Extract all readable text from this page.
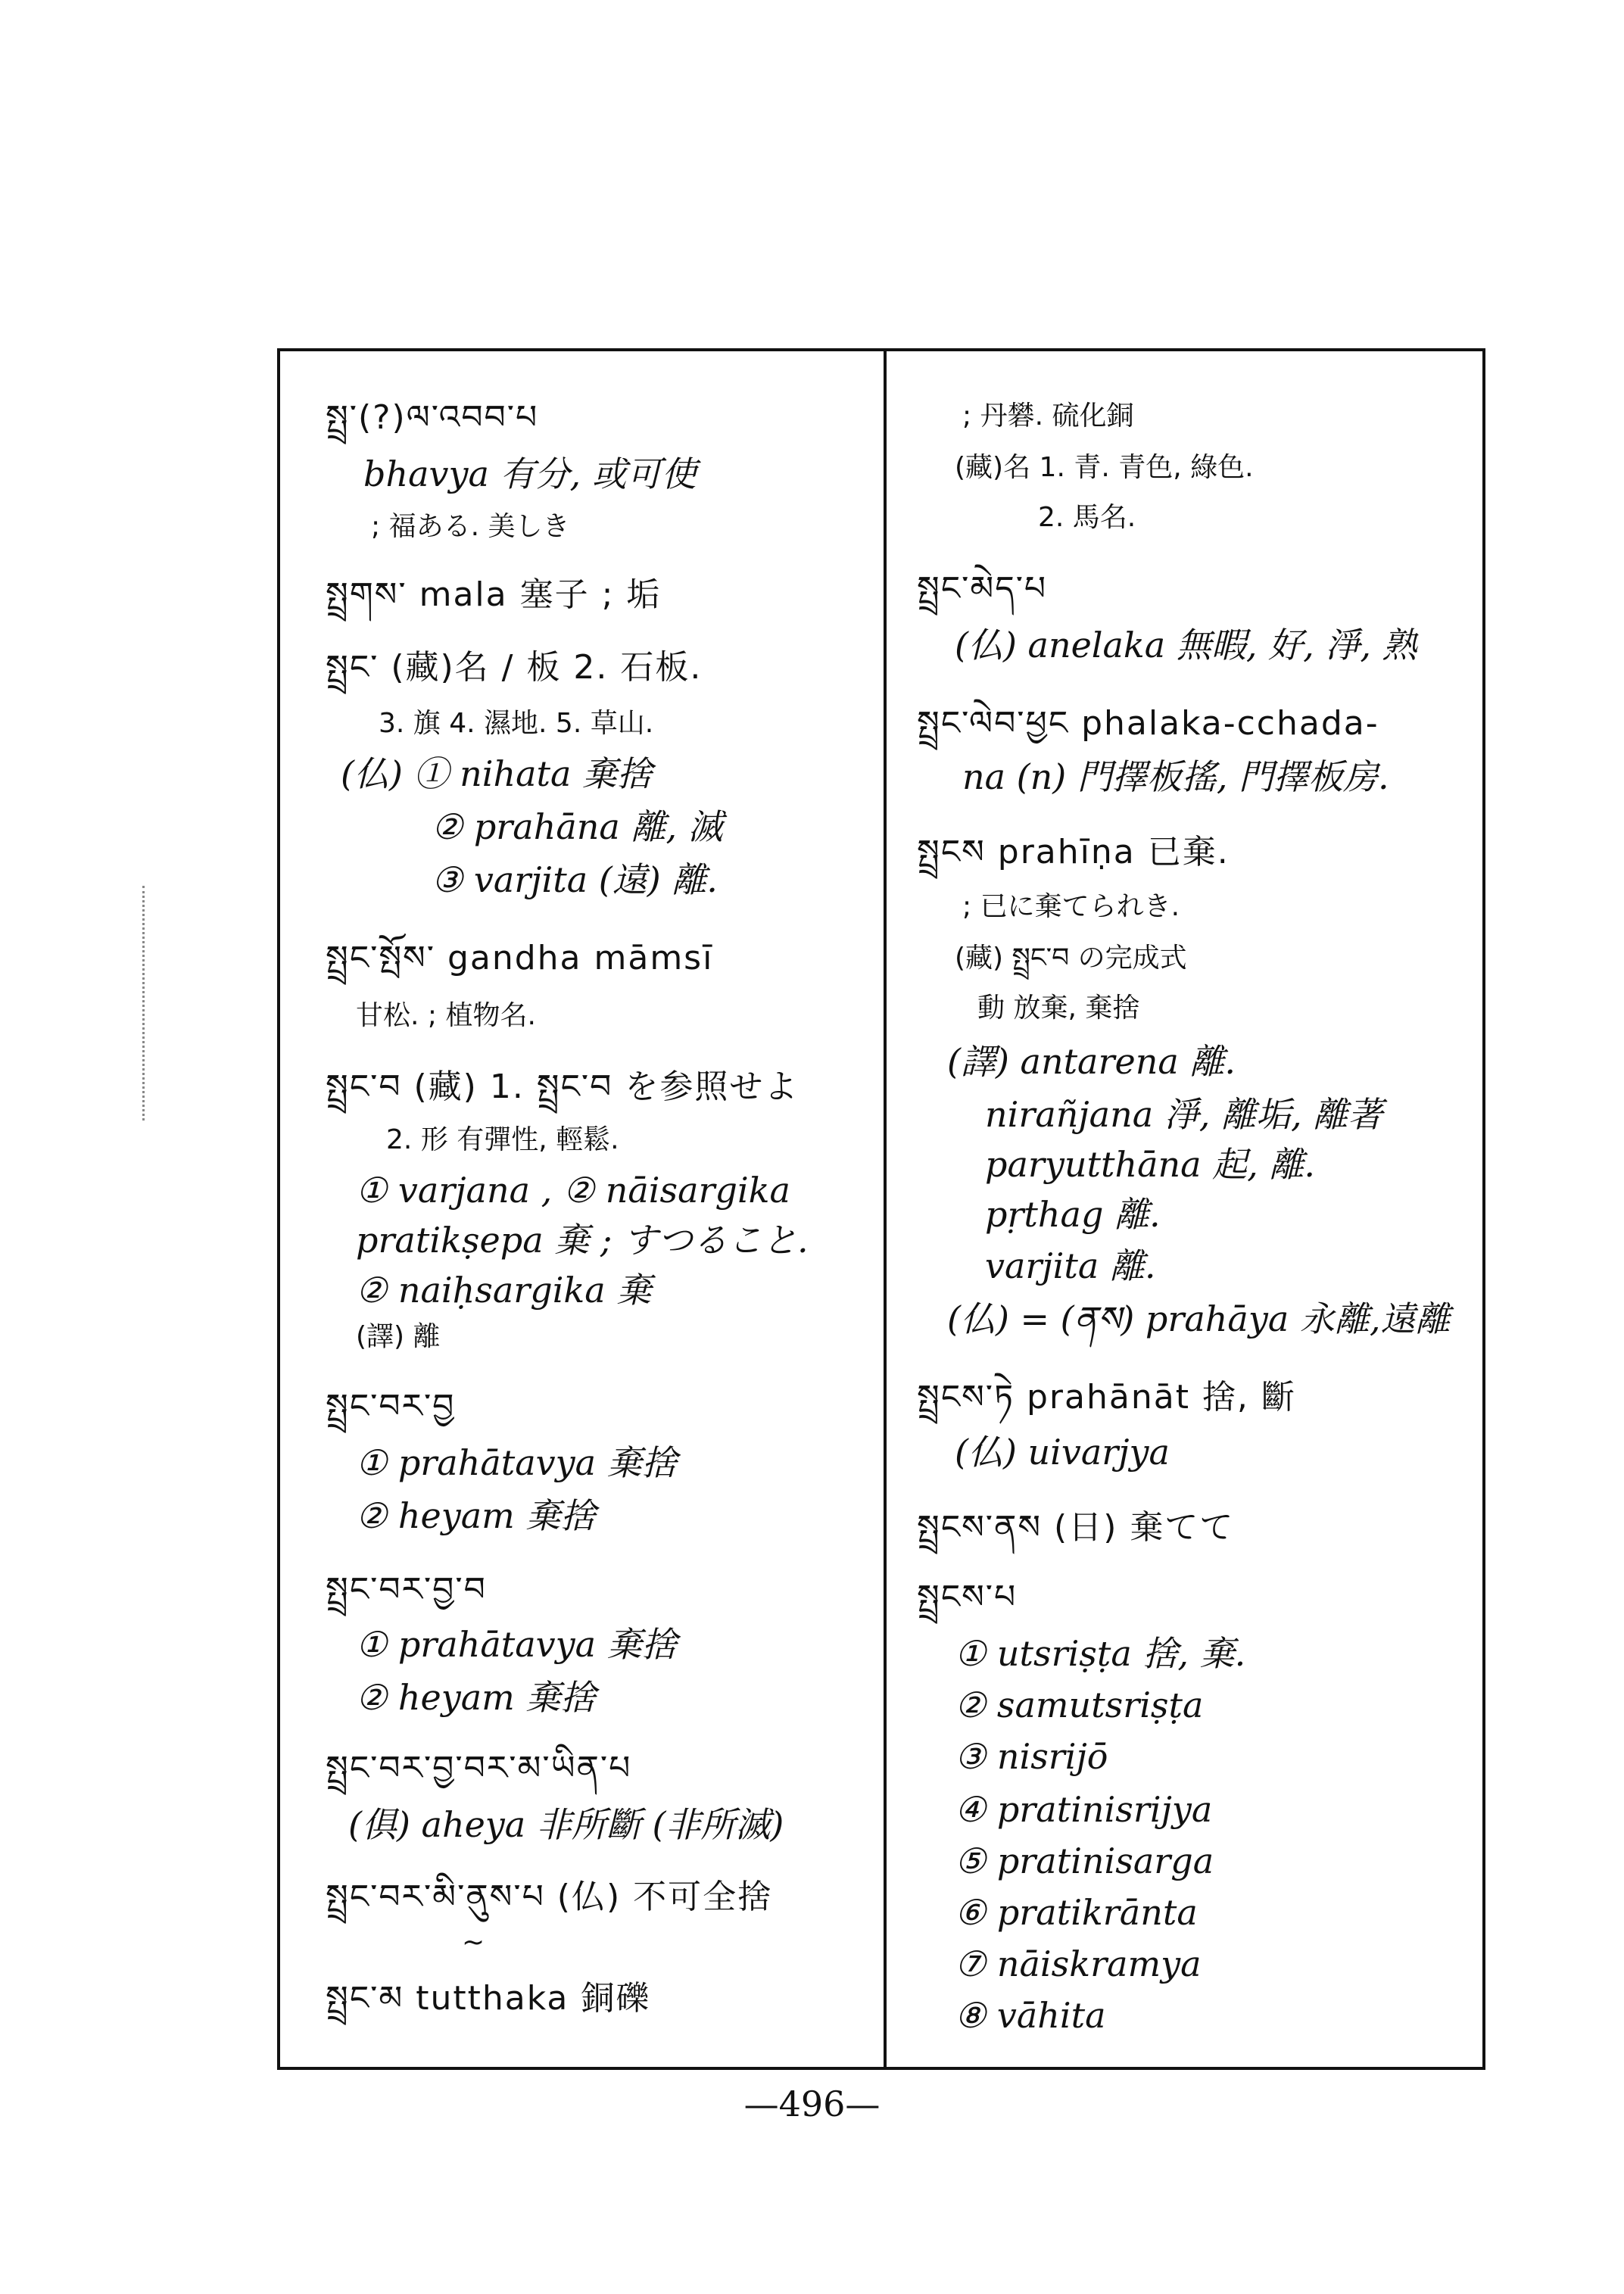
སྤྲ་(?)ལ་འབབ་པ
bhavya 有分, 或可使
; 福ある. 美しき
སྤྲགས་ mala 塞子 ; 垢
སྤྲང་ (藏)名 / 板 2. 石板.
3. 旗 4. 濕地. 5. 草山.
(仏) ① nihata 棄捨
② prahāna 離, 滅
③ varjita (遠) 離.
སྤྲང་སྤོས་ gandha māmsī
甘松. ; 植物名.
སྤྲང་བ (藏) 1. སྤྲང་བ を参照せよ
2. 形 有彈性, 輕鬆.
① varjana , ② nāisargika
pratikṣepa 棄 ; すつること.
② naiḥsargika 棄
(譯) 離
སྤྲང་བར་བྱ
① prahātavya 棄捨
② heyam 棄捨
སྤྲང་བར་བྱ་བ
① prahātavya 棄捨
② heyam 棄捨
སྤྲང་བར་བྱ་བར་མ་ཡིན་པ
(俱) aheya 非所斷 (非所滅)
སྤྲང་བར་མི་ནུས་པ (仏) 不可全捨
~
སྤྲང་མ tutthaka 銅礫
; 丹礬. 硫化銅
(藏)名 1. 青. 青色, 綠色.
2. 馬名.
སྤྲང་མེད་པ
(仏) anelaka 無暇, 好, 淨, 熟
སྤྲང་ལེབ་ཕྱང phalaka-cchada-
na (n) 門擇板搖, 門擇板房.
སྤྲངས prahīṇa 已棄.
; 已に棄てられき.
(藏) སྤྲང་བ の完成式
動 放棄, 棄捨
(譯) antarena 離.
nirañjana 淨, 離垢, 離著
paryutthāna 起, 離.
pṛthag 離.
varjita 離.
(仏) = (ནས) prahāya 永離,遠離
སྤྲངས་ཏེ prahānāt 捨, 斷
(仏) uivarjya
སྤྲངས་ནས (日) 棄てて
སྤྲངས་པ
① utsriṣṭa 捨, 棄.
② samutsriṣṭa
③ nisrijō
④ pratinisrijya
⑤ pratinisarga
⑥ pratikrānta
⑦ nāiskramya
⑧ vāhita
—496—
